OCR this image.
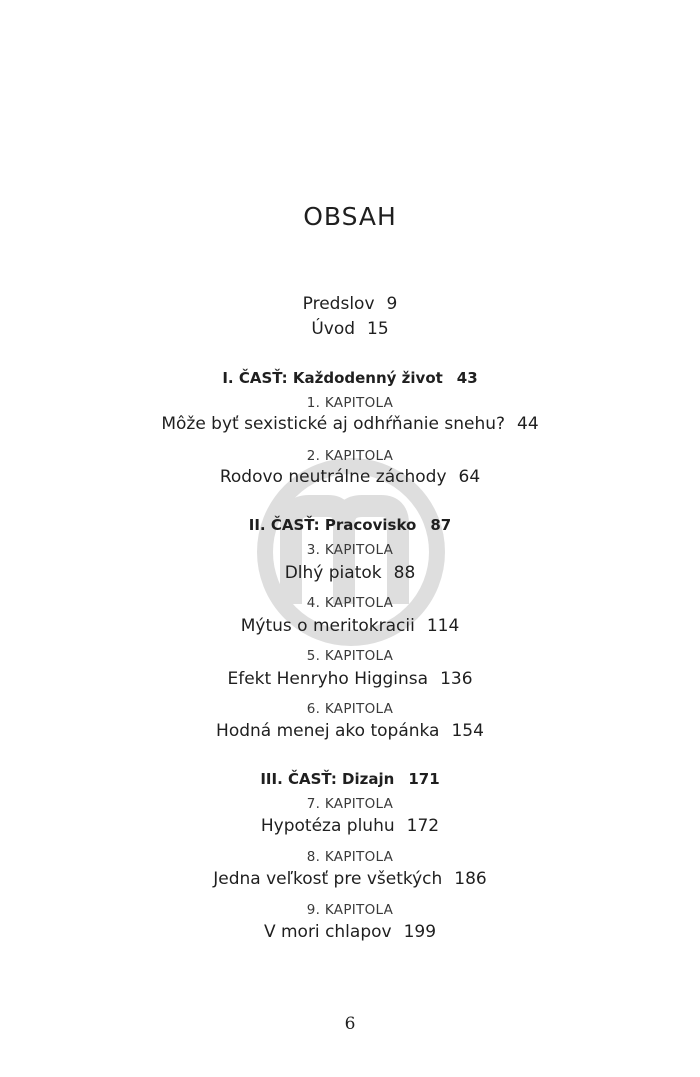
OBSAH
Predslov 9
Úvod 15
I. ČASŤ: Každodenný život 43
1. KAPITOLA
Môže byť sexistické aj odhŕňanie snehu? 44
2. KAPITOLA
Rodovo neutrálne záchody 64
II. ČASŤ: Pracovisko 87
3. KAPITOLA
Dlhý piatok 88
4. KAPITOLA
Mýtus o meritokracii 114
5. KAPITOLA
Efekt Henryho Higginsa 136
6. KAPITOLA
Hodná menej ako topánka 154
III. ČASŤ: Dizajn 171
7. KAPITOLA
Hypotéza pluhu 172
8. KAPITOLA
Jedna veľkosť pre všetkých 186
9. KAPITOLA
V mori chlapov 199
6
